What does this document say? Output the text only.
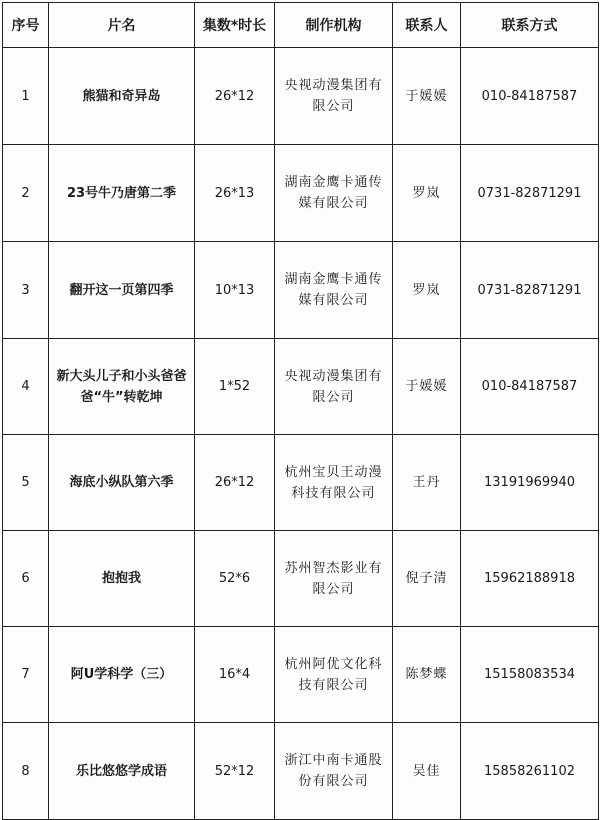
序号	片名	集数*时长	制作机构	联系人	联系方式
1	熊猫和奇异岛	26*12	央视动漫集团有限公司	于媛媛	010-84187587
2	23号牛乃唐第二季	26*13	湖南金鹰卡通传媒有限公司	罗岚	0731-82871291
3	翻开这一页第四季	10*13	湖南金鹰卡通传媒有限公司	罗岚	0731-82871291
4	新大头儿子和小头爸爸爸“牛”转乾坤	1*52	央视动漫集团有限公司	于媛媛	010-84187587
5	海底小纵队第六季	26*12	杭州宝贝王动漫科技有限公司	王丹	13191969940
6	抱抱我	52*6	苏州智杰影业有限公司	倪子清	15962188918
7	阿U学科学（三）	16*4	杭州阿优文化科技有限公司	陈梦蝶	15158083534
8	乐比悠悠学成语	52*12	浙江中南卡通股份有限公司	吴佳	15858261102
